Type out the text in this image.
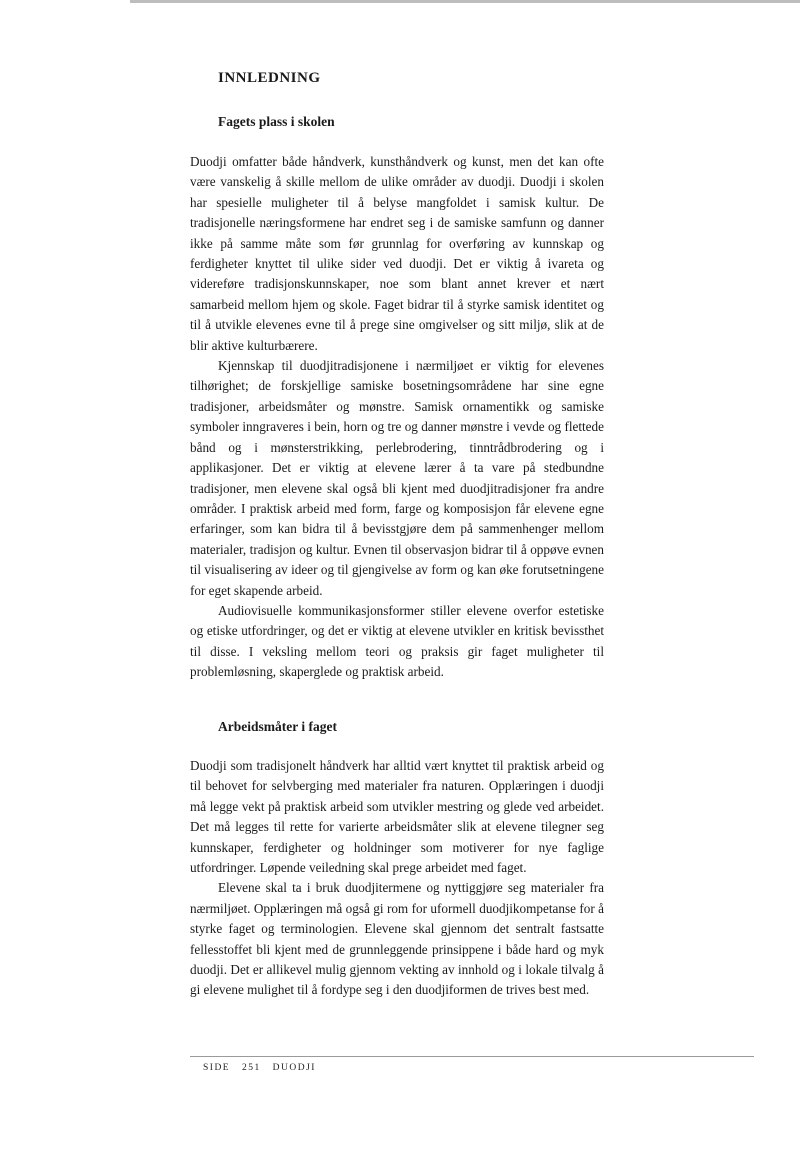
INNLEDNING
Fagets plass i skolen

Duodji omfatter både håndverk, kunsthåndverk og kunst, men det kan ofte være vanskelig å skille mellom de ulike områder av duodji. Duodji i skolen har spesielle muligheter til å belyse mangfoldet i samisk kultur. De tradisjonelle næringsformene har endret seg i de samiske samfunn og danner ikke på samme måte som før grunnlag for overføring av kunnskap og ferdigheter knyttet til ulike sider ved duodji. Det er viktig å ivareta og videreføre tradisjonskunnskaper, noe som blant annet krever et nært samarbeid mellom hjem og skole. Faget bidrar til å styrke samisk identitet og til å utvikle elevenes evne til å prege sine omgivelser og sitt miljø, slik at de blir aktive kulturbærere.

Kjennskap til duodjitradisjonene i nærmiljøet er viktig for elevenes tilhørighet; de forskjellige samiske bosetningsområdene har sine egne tradisjoner, arbeidsmåter og mønstre. Samisk ornamentikk og samiske symboler inngraveres i bein, horn og tre og danner mønstre i vevde og flettede bånd og i mønsterstrikking, perlebrodering, tinntrådbrodering og i applikasjoner. Det er viktig at elevene lærer å ta vare på stedbundne tradisjoner, men elevene skal også bli kjent med duodjitradisjoner fra andre områder. I praktisk arbeid med form, farge og komposisjon får elevene egne erfaringer, som kan bidra til å bevisstgjøre dem på sammenhenger mellom materialer, tradisjon og kultur. Evnen til observasjon bidrar til å oppøve evnen til visualisering av ideer og til gjengivelse av form og kan øke forutsetningene for eget skapende arbeid.

Audiovisuelle kommunikasjonsformer stiller elevene overfor estetiske og etiske utfordringer, og det er viktig at elevene utvikler en kritisk bevissthet til disse. I veksling mellom teori og praksis gir faget muligheter til problemløsning, skaperglede og praktisk arbeid.

Arbeidsmåter i faget

Duodji som tradisjonelt håndverk har alltid vært knyttet til praktisk arbeid og til behovet for selvberging med materialer fra naturen. Opplæringen i duodji må legge vekt på praktisk arbeid som utvikler mestring og glede ved arbeidet. Det må legges til rette for varierte arbeidsmåter slik at elevene tilegner seg kunnskaper, ferdigheter og holdninger som motiverer for nye faglige utfordringer. Løpende veiledning skal prege arbeidet med faget.

Elevene skal ta i bruk duodjitermene og nyttiggjøre seg materialer fra nærmiljøet. Opplæringen må også gi rom for uformell duodjikompetanse for å styrke faget og terminologien. Elevene skal gjennom det sentralt fastsatte fellesstoffet bli kjent med de grunnleggende prinsippene i både hard og myk duodji. Det er allikevel mulig gjennom vekting av innhold og i lokale tilvalg å gi elevene mulighet til å fordype seg i den duodjiformen de trives best med.

SIDE 251 DUODJI
